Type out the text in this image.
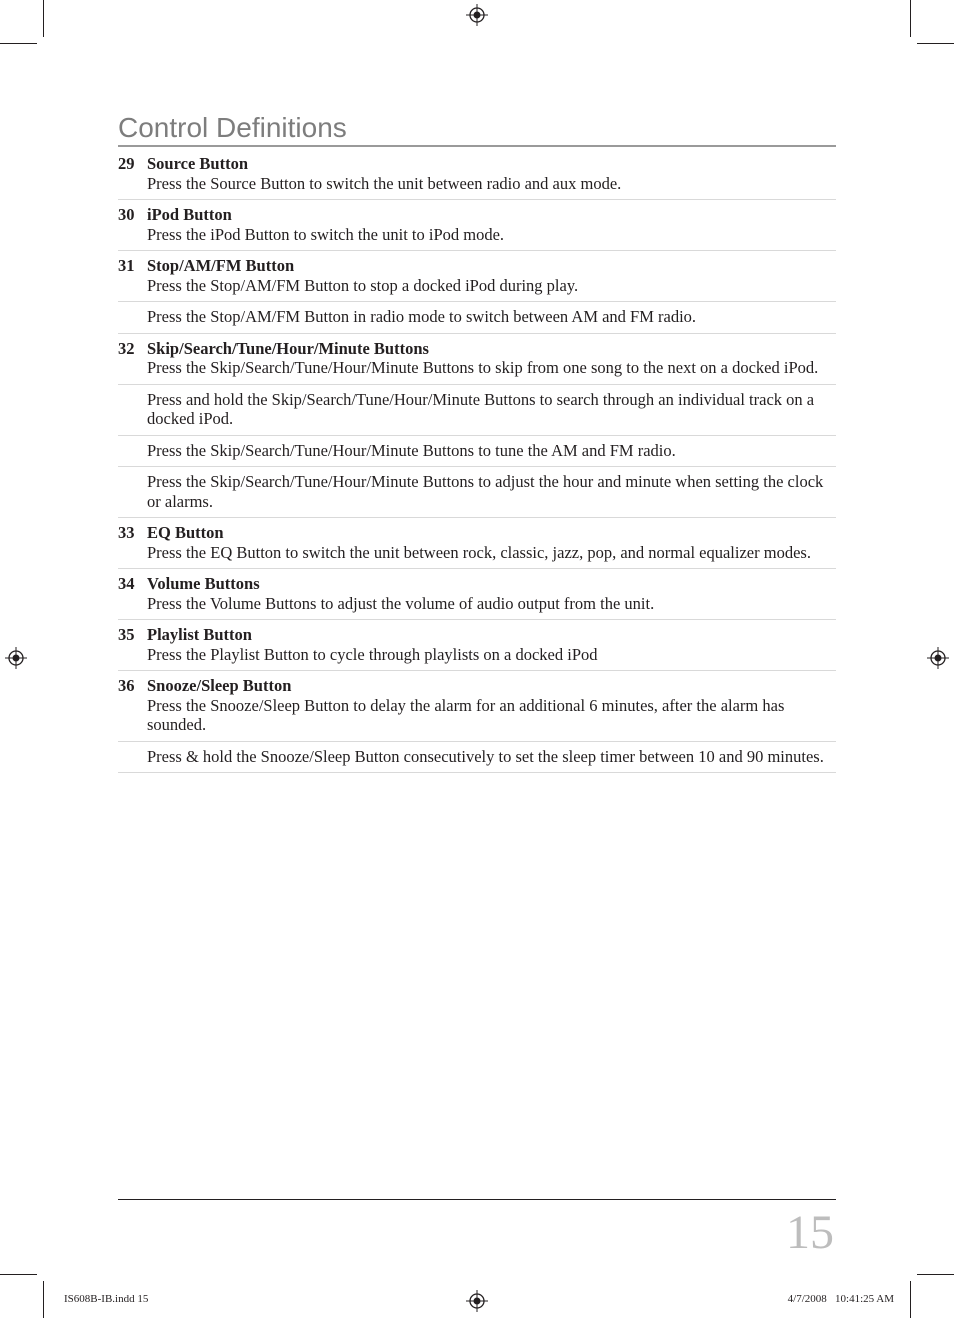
Control Definitions
29 Source Button
Press the Source Button to switch the unit between radio and aux mode.
30 iPod Button
Press the iPod Button to switch the unit to iPod mode.
31 Stop/AM/FM Button
Press the Stop/AM/FM Button to stop a docked iPod during play.
Press the Stop/AM/FM Button in radio mode to switch between AM and FM radio.
32 Skip/Search/Tune/Hour/Minute Buttons
Press the Skip/Search/Tune/Hour/Minute Buttons to skip from one song to the next on a docked iPod.
Press and hold the Skip/Search/Tune/Hour/Minute Buttons to search through an individual track on a docked iPod.
Press the Skip/Search/Tune/Hour/Minute Buttons to tune the AM and FM radio.
Press the Skip/Search/Tune/Hour/Minute Buttons to adjust the hour and minute when setting the clock or alarms.
33 EQ Button
Press the EQ Button to switch the unit between rock, classic, jazz, pop, and normal equalizer modes.
34 Volume Buttons
Press the Volume Buttons to adjust the volume of audio output from the unit.
35 Playlist Button
Press the Playlist Button to cycle through playlists on a docked iPod
36 Snooze/Sleep Button
Press the Snooze/Sleep Button to delay the alarm for an additional 6 minutes, after the alarm has sounded.
Press & hold the Snooze/Sleep Button consecutively to set the sleep timer between 10 and 90 minutes.
15
IS608B-IB.indd 15	4/7/2008   10:41:25 AM
